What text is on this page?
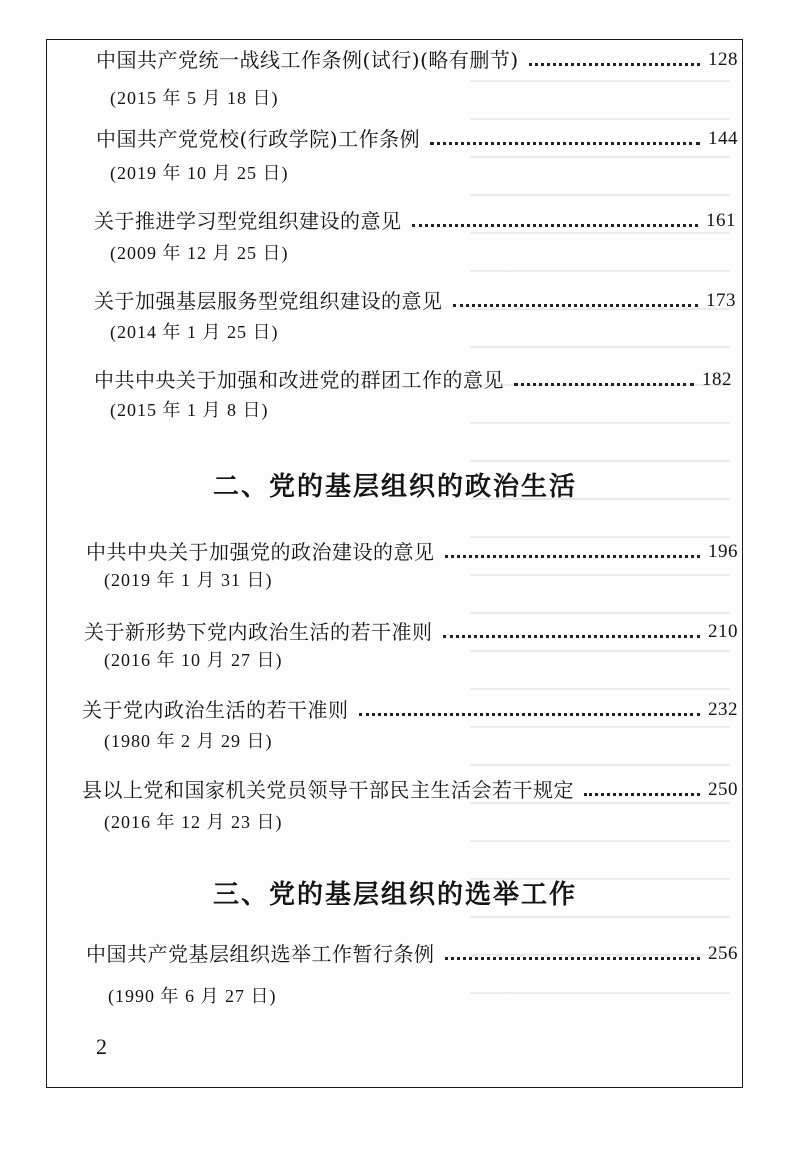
中国共产党统一战线工作条例(试行)(略有删节)	128
(2015 年 5 月 18 日)
中国共产党党校(行政学院)工作条例	144
(2019 年 10 月 25 日)
关于推进学习型党组织建设的意见	161
(2009 年 12 月 25 日)
关于加强基层服务型党组织建设的意见	173
(2014 年 1 月 25 日)
中共中央关于加强和改进党的群团工作的意见	182
(2015 年 1 月 8 日)
二、党的基层组织的政治生活
中共中央关于加强党的政治建设的意见	196
(2019 年 1 月 31 日)
关于新形势下党内政治生活的若干准则	210
(2016 年 10 月 27 日)
关于党内政治生活的若干准则	232
(1980 年 2 月 29 日)
县以上党和国家机关党员领导干部民主生活会若干规定	250
(2016 年 12 月 23 日)
三、党的基层组织的选举工作
中国共产党基层组织选举工作暂行条例	256
(1990 年 6 月 27 日)
2
